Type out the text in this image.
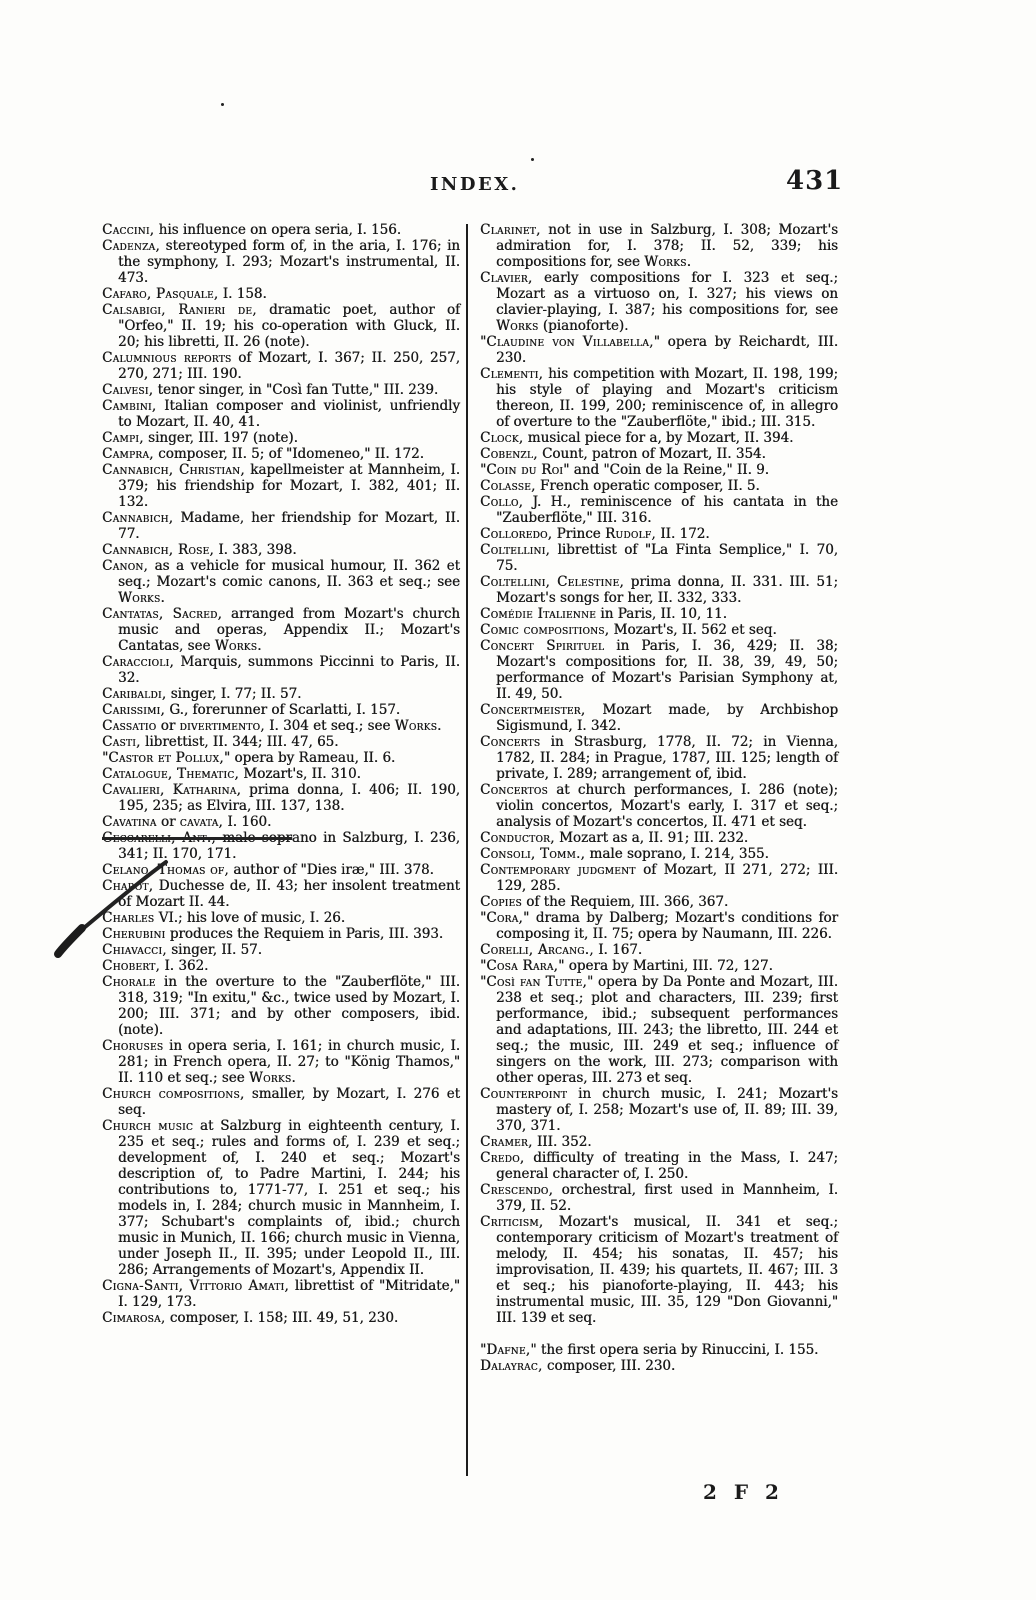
INDEX.	431
Caccini, his influence on opera seria, I. 156.
Cadenza, stereotyped form of, in the aria, I. 176; in the symphony, I. 293; Mozart's instrumental, II. 473.
Cafaro, Pasquale, I. 158.
Calsabigi, Ranieri de, dramatic poet, author of "Orfeo," II. 19; his co-operation with Gluck, II. 20; his libretti, II. 26 (note).
Calumnious reports of Mozart, I. 367; II. 250, 257, 270, 271; III. 190.
Calvesi, tenor singer, in "Così fan Tutte," III. 239.
Cambini, Italian composer and violinist, unfriendly to Mozart, II. 40, 41.
Campi, singer, III. 197 (note).
Campra, composer, II. 5; of "Idomeneo," II. 172.
Cannabich, Christian, kapellmeister at Mannheim, I. 379; his friendship for Mozart, I. 382, 401; II. 132.
Cannabich, Madame, her friendship for Mozart, II. 77.
Cannabich, Rose, I. 383, 398.
Canon, as a vehicle for musical humour, II. 362 et seq.; Mozart's comic canons, II. 363 et seq.; see Works.
Cantatas, Sacred, arranged from Mozart's church music and operas, Appendix II.; Mozart's Cantatas, see Works.
Caraccioli, Marquis, summons Piccinni to Paris, II. 32.
Caribaldi, singer, I. 77; II. 57.
Carissimi, G., forerunner of Scarlatti, I. 157.
Cassatio or divertimento, I. 304 et seq.; see Works.
Casti, librettist, II. 344; III. 47, 65.
"Castor et Pollux," opera by Rameau, II. 6.
Catalogue, Thematic, Mozart's, II. 310.
Cavalieri, Katharina, prima donna, I. 406; II. 190, 195, 235; as Elvira, III. 137, 138.
Cavatina or cavata, I. 160.
Ceccarelli, Ant., male soprano in Salzburg, I. 236, 341; II. 170, 171.
Celano, Thomas of, author of "Dies iræ," III. 378.
Chabot, Duchesse de, II. 43; her insolent treatment of Mozart II. 44.
Charles VI.; his love of music, I. 26.
Cherubini produces the Requiem in Paris, III. 393.
Chiavacci, singer, II. 57.
Chobert, I. 362.
Chorale in the overture to the "Zauberflöte," III. 318, 319; "In exitu," &c., twice used by Mozart, I. 200; III. 371; and by other composers, ibid. (note).
Choruses in opera seria, I. 161; in church music, I. 281; in French opera, II. 27; to "König Thamos," II. 110 et seq.; see Works.
Church compositions, smaller, by Mozart, I. 276 et seq.
Church music at Salzburg in eighteenth century, I. 235 et seq.; rules and forms of, I. 239 et seq.; development of, I. 240 et seq.; Mozart's description of, to Padre Martini, I. 244; his contributions to, 1771-77, I. 251 et seq.; his models in, I. 284; church music in Mannheim, I. 377; Schubart's complaints of, ibid.; church music in Munich, II. 166; church music in Vienna, under Joseph II., II. 395; under Leopold II., III. 286; Arrangements of Mozart's, Appendix II.
Cigna-Santi, Vittorio Amati, librettist of "Mitridate," I. 129, 173.
Cimarosa, composer, I. 158; III. 49, 51, 230.
Clarinet, not in use in Salzburg, I. 308; Mozart's admiration for, I. 378; II. 52, 339; his compositions for, see Works.
Clavier, early compositions for I. 323 et seq.; Mozart as a virtuoso on, I. 327; his views on clavier-playing, I. 387; his compositions for, see Works (pianoforte).
"Claudine von Villabella," opera by Reichardt, III. 230.
Clementi, his competition with Mozart, II. 198, 199; his style of playing and Mozart's criticism thereon, II. 199, 200; reminiscence of, in allegro of overture to the "Zauberflöte," ibid.; III. 315.
Clock, musical piece for a, by Mozart, II. 394.
Cobenzl, Count, patron of Mozart, II. 354.
"Coin du Roi" and "Coin de la Reine," II. 9.
Colasse, French operatic composer, II. 5.
Collo, J. H., reminiscence of his cantata in the "Zauberflöte," III. 316.
Colloredo, Prince Rudolf, II. 172.
Coltellini, librettist of "La Finta Semplice," I. 70, 75.
Coltellini, Celestine, prima donna, II. 331. III. 51; Mozart's songs for her, II. 332, 333.
Comédie Italienne in Paris, II. 10, 11.
Comic compositions, Mozart's, II. 562 et seq.
Concert Spirituel in Paris, I. 36, 429; II. 38; Mozart's compositions for, II. 38, 39, 49, 50; performance of Mozart's Parisian Symphony at, II. 49, 50.
Concertmeister, Mozart made, by Archbishop Sigismund, I. 342.
Concerts in Strasburg, 1778, II. 72; in Vienna, 1782, II. 284; in Prague, 1787, III. 125; length of private, I. 289; arrangement of, ibid.
Concertos at church performances, I. 286 (note); violin concertos, Mozart's early, I. 317 et seq.; analysis of Mozart's concertos, II. 471 et seq.
Conductor, Mozart as a, II. 91; III. 232.
Consoli, Tomm., male soprano, I. 214, 355.
Contemporary judgment of Mozart, II 271, 272; III. 129, 285.
Copies of the Requiem, III. 366, 367.
"Cora," drama by Dalberg; Mozart's conditions for composing it, II. 75; opera by Naumann, III. 226.
Corelli, Arcang., I. 167.
"Cosa Rara," opera by Martini, III. 72, 127.
"Così fan Tutte," opera by Da Ponte and Mozart, III. 238 et seq.; plot and characters, III. 239; first performance, ibid.; subsequent performances and adaptations, III. 243; the libretto, III. 244 et seq.; the music, III. 249 et seq.; influence of singers on the work, III. 273; comparison with other operas, III. 273 et seq.
Counterpoint in church music, I. 241; Mozart's mastery of, I. 258; Mozart's use of, II. 89; III. 39, 370, 371.
Cramer, III. 352.
Credo, difficulty of treating in the Mass, I. 247; general character of, I. 250.
Crescendo, orchestral, first used in Mannheim, I. 379, II. 52.
Criticism, Mozart's musical, II. 341 et seq.; contemporary criticism of Mozart's treatment of melody, II. 454; his sonatas, II. 457; his improvisation, II. 439; his quartets, II. 467; III. 3 et seq.; his pianoforte-playing, II. 443; his instrumental music, III. 35, 129 "Don Giovanni," III. 139 et seq.
"Dafne," the first opera seria by Rinuccini, I. 155.
Dalayrac, composer, III. 230.
2 F 2
